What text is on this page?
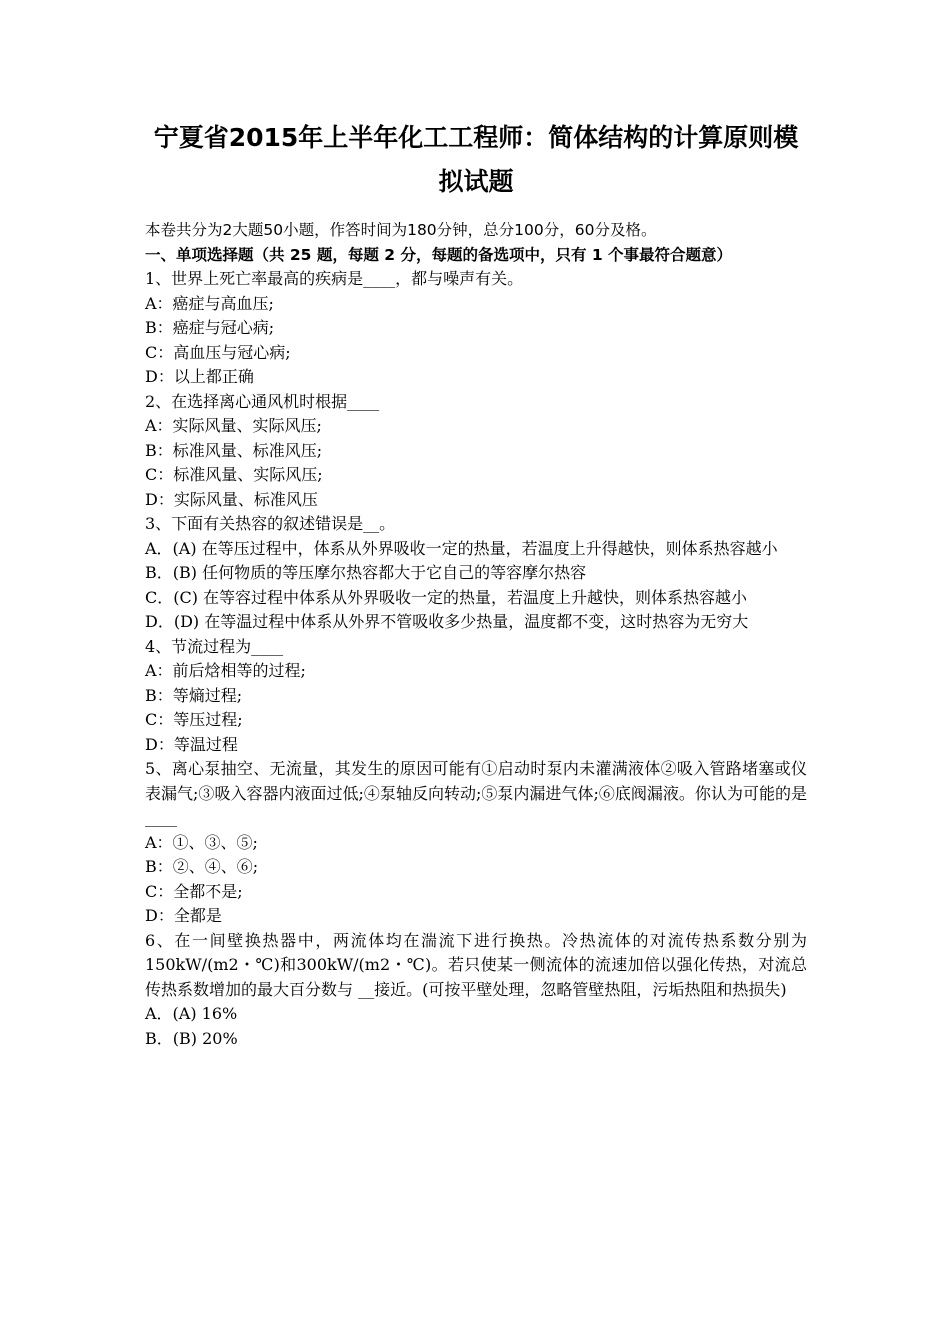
宁夏省2015年上半年化工工程师：简体结构的计算原则模
拟试题

本卷共分为2大题50小题，作答时间为180分钟，总分100分，60分及格。

一、单项选择题（共 25 题，每题 2 分，每题的备选项中，只有 1 个事最符合题意）

1、世界上死亡率最高的疾病是____，都与噪声有关。

A：癌症与高血压;

B：癌症与冠心病;

C：高血压与冠心病;

D：以上都正确

2、在选择离心通风机时根据____

A：实际风量、实际风压;

B：标准风量、标准风压;

C：标准风量、实际风压;

D：实际风量、标准风压

3、下面有关热容的叙述错误是__。

A．(A) 在等压过程中，体系从外界吸收一定的热量，若温度上升得越快，则体系热容越小

B．(B) 任何物质的等压摩尔热容都大于它自己的等容摩尔热容

C．(C) 在等容过程中体系从外界吸收一定的热量，若温度上升越快，则体系热容越小

D．(D) 在等温过程中体系从外界不管吸收多少热量，温度都不变，这时热容为无穷大

4、节流过程为____

A：前后焓相等的过程;

B：等熵过程;

C：等压过程;

D：等温过程

5、离心泵抽空、无流量，其发生的原因可能有①启动时泵内未灌满液体②吸入管路堵塞或仪表漏气;③吸入容器内液面过低;④泵轴反向转动;⑤泵内漏进气体;⑥底阀漏液。你认为可能的是____

A：①、③、⑤;

B：②、④、⑥;

C：全都不是;

D：全都是

6、在一间壁换热器中，两流体均在湍流下进行换热。冷热流体的对流传热系数分别为150kW/(m2・℃)和300kW/(m2・℃)。若只使某一侧流体的流速加倍以强化传热，对流总传热系数增加的最大百分数与 __接近。(可按平壁处理，忽略管壁热阻，污垢热阻和热损失)

A．(A) 16%

B．(B) 20%
